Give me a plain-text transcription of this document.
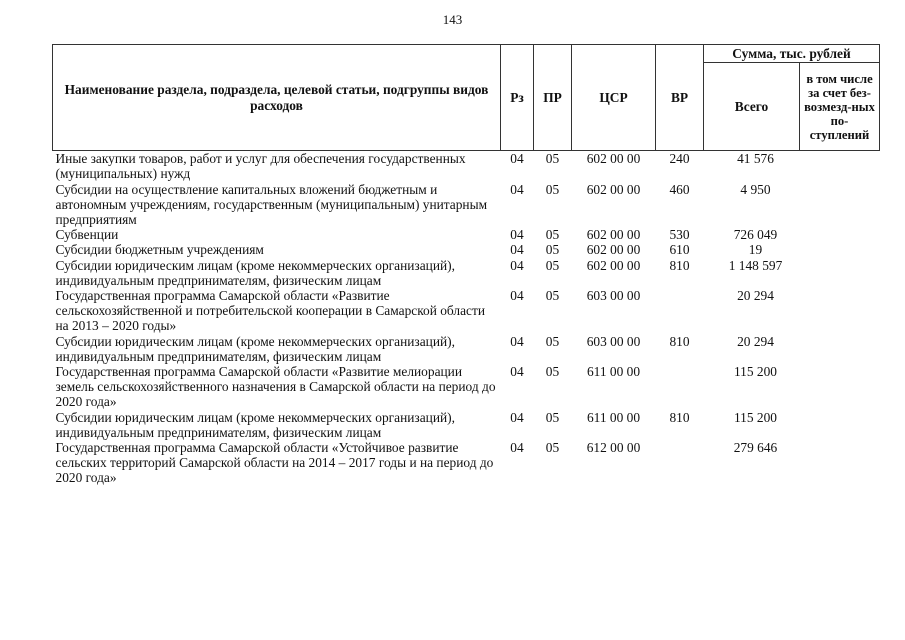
143
Наименование раздела, подраздела, целевой статьи, подгруппы видов расходов	Рз	ПР	ЦСР	ВР	Сумма, тыс. рублей	
					Всего	в том числе за счет без-возмезд-ных по-ступлений
Иные закупки товаров, работ и услуг для обеспечения государственных (муниципальных) нужд	04	05	602 00 00	240	41 576	
Субсидии на осуществление капитальных вложений бюджетным и автономным учреждениям, государственным (муниципальным) унитарным предприятиям	04	05	602 00 00	460	4 950	
Субвенции	04	05	602 00 00	530	726 049	
Субсидии бюджетным учреждениям	04	05	602 00 00	610	19	
Субсидии юридическим лицам (кроме некоммерческих организаций), индивидуальным предпринимателям, физическим лицам	04	05	602 00 00	810	1 148 597	
Государственная программа Самарской области «Развитие сельскохозяйственной и потребительской кооперации в Самарской области на 2013 – 2020 годы»	04	05	603 00 00		20 294	
Субсидии юридическим лицам (кроме некоммерческих организаций), индивидуальным предпринимателям, физическим лицам	04	05	603 00 00	810	20 294	
Государственная программа Самарской области «Развитие мелиорации земель сельскохозяйственного назначения в Самарской области на период до 2020 года»	04	05	611 00 00		115 200	
Субсидии юридическим лицам (кроме некоммерческих организаций), индивидуальным предпринимателям, физическим лицам	04	05	611 00 00	810	115 200	
Государственная программа Самарской области «Устойчивое развитие сельских территорий Самарской области на 2014 – 2017 годы и на период до 2020 года»	04	05	612 00 00		279 646	
